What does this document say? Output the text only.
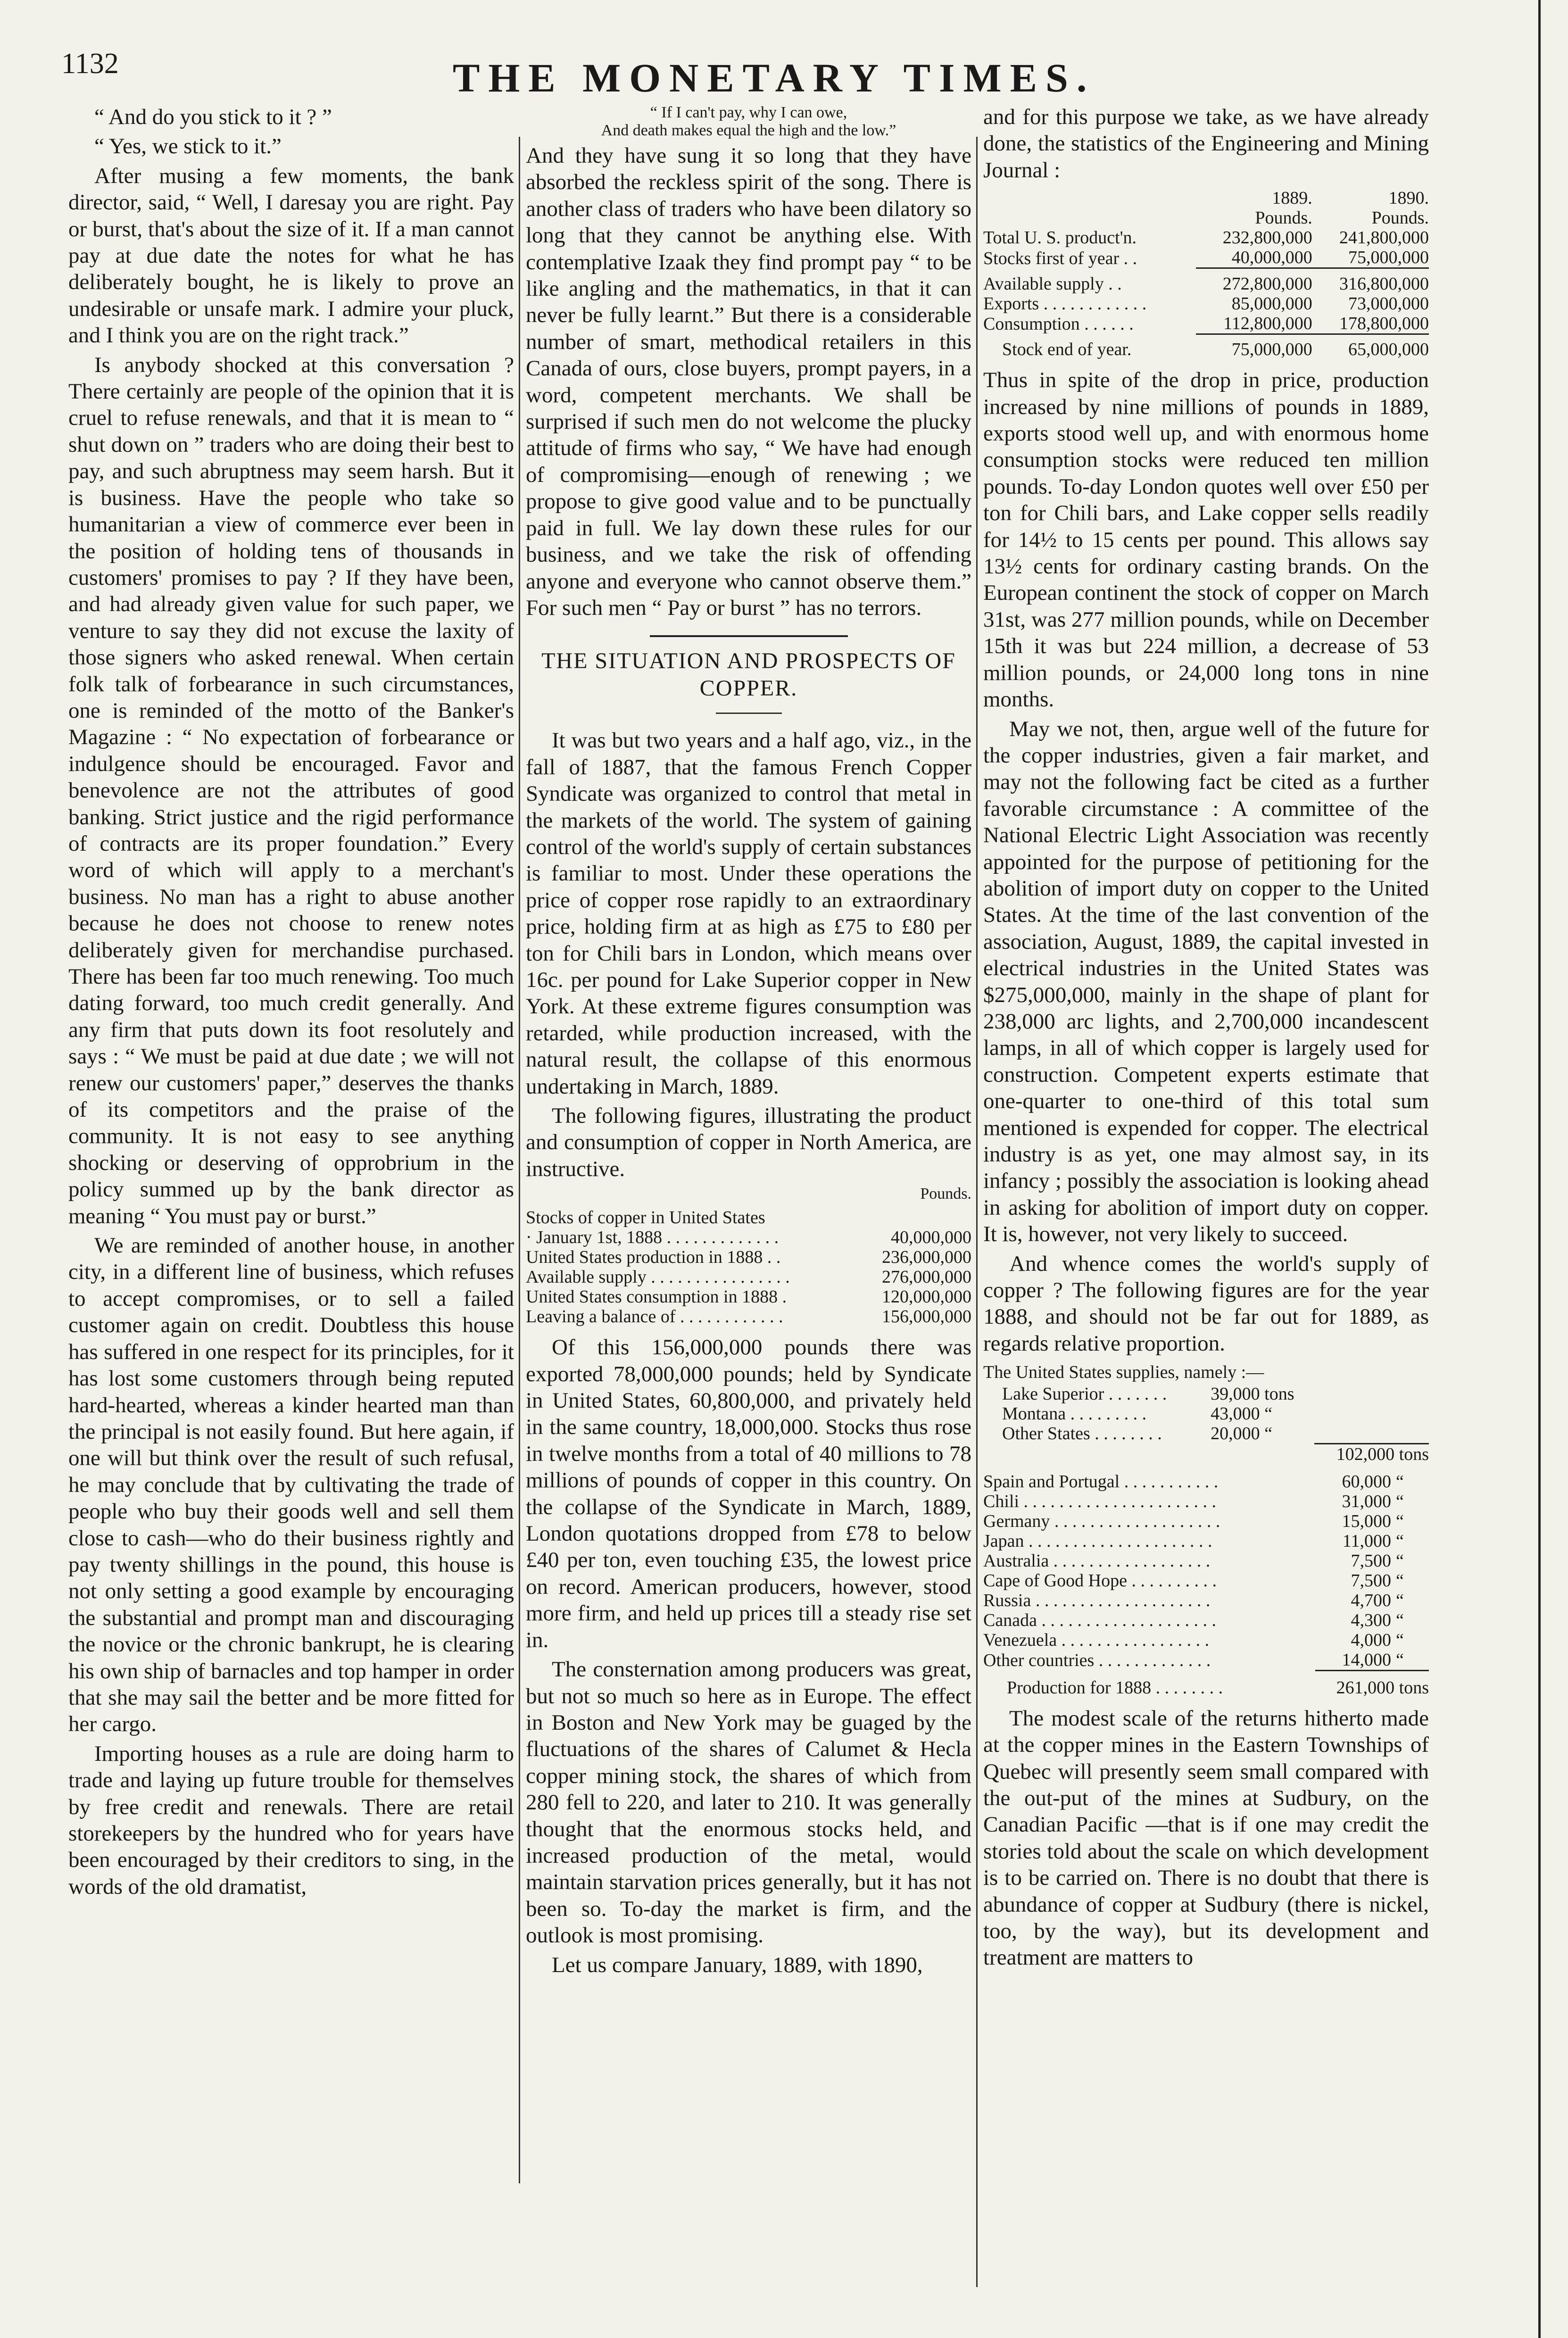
1132	THE MONETARY TIMES.

“ And do you stick to it ? ”

“ Yes, we stick to it.”

After musing a few moments, the bank director, said, “ Well, I daresay you are right. Pay or burst, that's about the size of it. If a man cannot pay at due date the notes for what he has deliberately bought, he is likely to prove an undesirable or unsafe mark. I admire your pluck, and I think you are on the right track.”

Is anybody shocked at this conversation ? There certainly are people of the opinion that it is cruel to refuse renewals, and that it is mean to “ shut down on ” traders who are doing their best to pay, and such abruptness may seem harsh. But it is business. Have the people who take so humanitarian a view of commerce ever been in the position of holding tens of thousands in customers' promises to pay ? If they have been, and had already given value for such paper, we venture to say they did not excuse the laxity of those signers who asked renewal. When certain folk talk of forbearance in such circumstances, one is reminded of the motto of the Banker's Magazine : “ No expectation of forbearance or indulgence should be encouraged. Favor and benevolence are not the attributes of good banking. Strict justice and the rigid performance of contracts are its proper foundation.” Every word of which will apply to a merchant's business. No man has a right to abuse another because he does not choose to renew notes deliberately given for merchandise purchased. There has been far too much renewing. Too much dating forward, too much credit generally. And any firm that puts down its foot resolutely and says : “ We must be paid at due date ; we will not renew our customers' paper,” deserves the thanks of its competitors and the praise of the community. It is not easy to see anything shocking or deserving of opprobrium in the policy summed up by the bank director as meaning “ You must pay or burst.”

We are reminded of another house, in another city, in a different line of business, which refuses to accept compromises, or to sell a failed customer again on credit. Doubtless this house has suffered in one respect for its principles, for it has lost some customers through being reputed hard-hearted, whereas a kinder hearted man than the principal is not easily found. But here again, if one will but think over the result of such refusal, he may conclude that by cultivating the trade of people who buy their goods well and sell them close to cash—who do their business rightly and pay twenty shillings in the pound, this house is not only setting a good example by encouraging the substantial and prompt man and discouraging the novice or the chronic bankrupt, he is clearing his own ship of barnacles and top hamper in order that she may sail the better and be more fitted for her cargo.

Importing houses as a rule are doing harm to trade and laying up future trouble for themselves by free credit and renewals. There are retail storekeepers by the hundred who for years have been encouraged by their creditors to sing, in the words of the old dramatist,

“ If I can't pay, why I can owe,
And death makes equal the high and the low.”

And they have sung it so long that they have absorbed the reckless spirit of the song. There is another class of traders who have been dilatory so long that they cannot be anything else. With contemplative Izaak they find prompt pay “ to be like angling and the mathematics, in that it can never be fully learnt.” But there is a considerable number of smart, methodical retailers in this Canada of ours, close buyers, prompt payers, in a word, competent merchants. We shall be surprised if such men do not welcome the plucky attitude of firms who say, “ We have had enough of compromising—enough of renewing ; we propose to give good value and to be punctually paid in full. We lay down these rules for our business, and we take the risk of offending anyone and everyone who cannot observe them.” For such men “ Pay or burst ” has no terrors.

THE SITUATION AND PROSPECTS OF COPPER.

It was but two years and a half ago, viz., in the fall of 1887, that the famous French Copper Syndicate was organized to control that metal in the markets of the world. The system of gaining control of the world's supply of certain substances is familiar to most. Under these operations the price of copper rose rapidly to an extraordinary price, holding firm at as high as £75 to £80 per ton for Chili bars in London, which means over 16c. per pound for Lake Superior copper in New York. At these extreme figures consumption was retarded, while production increased, with the natural result, the collapse of this enormous undertaking in March, 1889.

The following figures, illustrating the product and consumption of copper in North America, are instructive.

Pounds.
Stocks of copper in United States	
· January 1st, 1888 . . . . . . . . . . . . .	40,000,000
United States production in 1888 . .	236,000,000
Available supply . . . . . . . . . . . . . . . .	276,000,000
United States consumption in 1888 .	120,000,000
Leaving a balance of . . . . . . . . . . . .	156,000,000

Of this 156,000,000 pounds there was exported 78,000,000 pounds; held by Syndicate in United States, 60,800,000, and privately held in the same country, 18,000,000. Stocks thus rose in twelve months from a total of 40 millions to 78 millions of pounds of copper in this country. On the collapse of the Syndicate in March, 1889, London quotations dropped from £78 to below £40 per ton, even touching £35, the lowest price on record. American producers, however, stood more firm, and held up prices till a steady rise set in.

The consternation among producers was great, but not so much so here as in Europe. The effect in Boston and New York may be guaged by the fluctuations of the shares of Calumet & Hecla copper mining stock, the shares of which from 280 fell to 220, and later to 210. It was generally thought that the enormous stocks held, and increased production of the metal, would maintain starvation prices generally, but it has not been so. To-day the market is firm, and the outlook is most promising.

Let us compare January, 1889, with 1890,

and for this purpose we take, as we have already done, the statistics of the Engineering and Mining Journal :

	1889.	1890.
	Pounds.	Pounds.
Total U. S. product'n.	232,800,000	241,800,000
Stocks first of year . .	40,000,000	75,000,000
Available supply . .	272,800,000	316,800,000
Exports . . . . . . . . . . . .	85,000,000	73,000,000
Consumption . . . . . .	112,800,000	178,800,000
Stock end of year.	75,000,000	65,000,000

Thus in spite of the drop in price, production increased by nine millions of pounds in 1889, exports stood well up, and with enormous home consumption stocks were reduced ten million pounds. To-day London quotes well over £50 per ton for Chili bars, and Lake copper sells readily for 14½ to 15 cents per pound. This allows say 13½ cents for ordinary casting brands. On the European continent the stock of copper on March 31st, was 277 million pounds, while on December 15th it was but 224 million, a decrease of 53 million pounds, or 24,000 long tons in nine months.

May we not, then, argue well of the future for the copper industries, given a fair market, and may not the following fact be cited as a further favorable circumstance : A committee of the National Electric Light Association was recently appointed for the purpose of petitioning for the abolition of import duty on copper to the United States. At the time of the last convention of the association, August, 1889, the capital invested in electrical industries in the United States was $275,000,000, mainly in the shape of plant for 238,000 arc lights, and 2,700,000 incandescent lamps, in all of which copper is largely used for construction. Competent experts estimate that one-quarter to one-third of this total sum mentioned is expended for copper. The electrical industry is as yet, one may almost say, in its infancy ; possibly the association is looking ahead in asking for abolition of import duty on copper. It is, however, not very likely to succeed.

And whence comes the world's supply of copper ? The following figures are for the year 1888, and should not be far out for 1889, as regards relative proportion.

The United States supplies, namely :—
Lake Superior . . . . . . .	39,000 tons	
Montana . . . . . . . . .	43,000 “	
Other States . . . . . . . .	20,000 “	
		102,000 tons
Spain and Portugal . . . . . . . . . . .	60,000	“
Chili . . . . . . . . . . . . . . . . . . . . . .	31,000	“
Germany . . . . . . . . . . . . . . . . . . .	15,000	“
Japan . . . . . . . . . . . . . . . . . . . . .	11,000	“
Australia . . . . . . . . . . . . . . . . . .	7,500	“
Cape of Good Hope . . . . . . . . . .	7,500	“
Russia . . . . . . . . . . . . . . . . . . . .	4,700	“
Canada . . . . . . . . . . . . . . . . . . . .	4,300	“
Venezuela . . . . . . . . . . . . . . . . .	4,000	“
Other countries . . . . . . . . . . . . .	14,000	“
Production for 1888 . . . . . . . .	261,000 tons	

The modest scale of the returns hitherto made at the copper mines in the Eastern Townships of Quebec will presently seem small compared with the out-put of the mines at Sudbury, on the Canadian Pacific —that is if one may credit the stories told about the scale on which development is to be carried on. There is no doubt that there is abundance of copper at Sudbury (there is nickel, too, by the way), but its development and treatment are matters to
